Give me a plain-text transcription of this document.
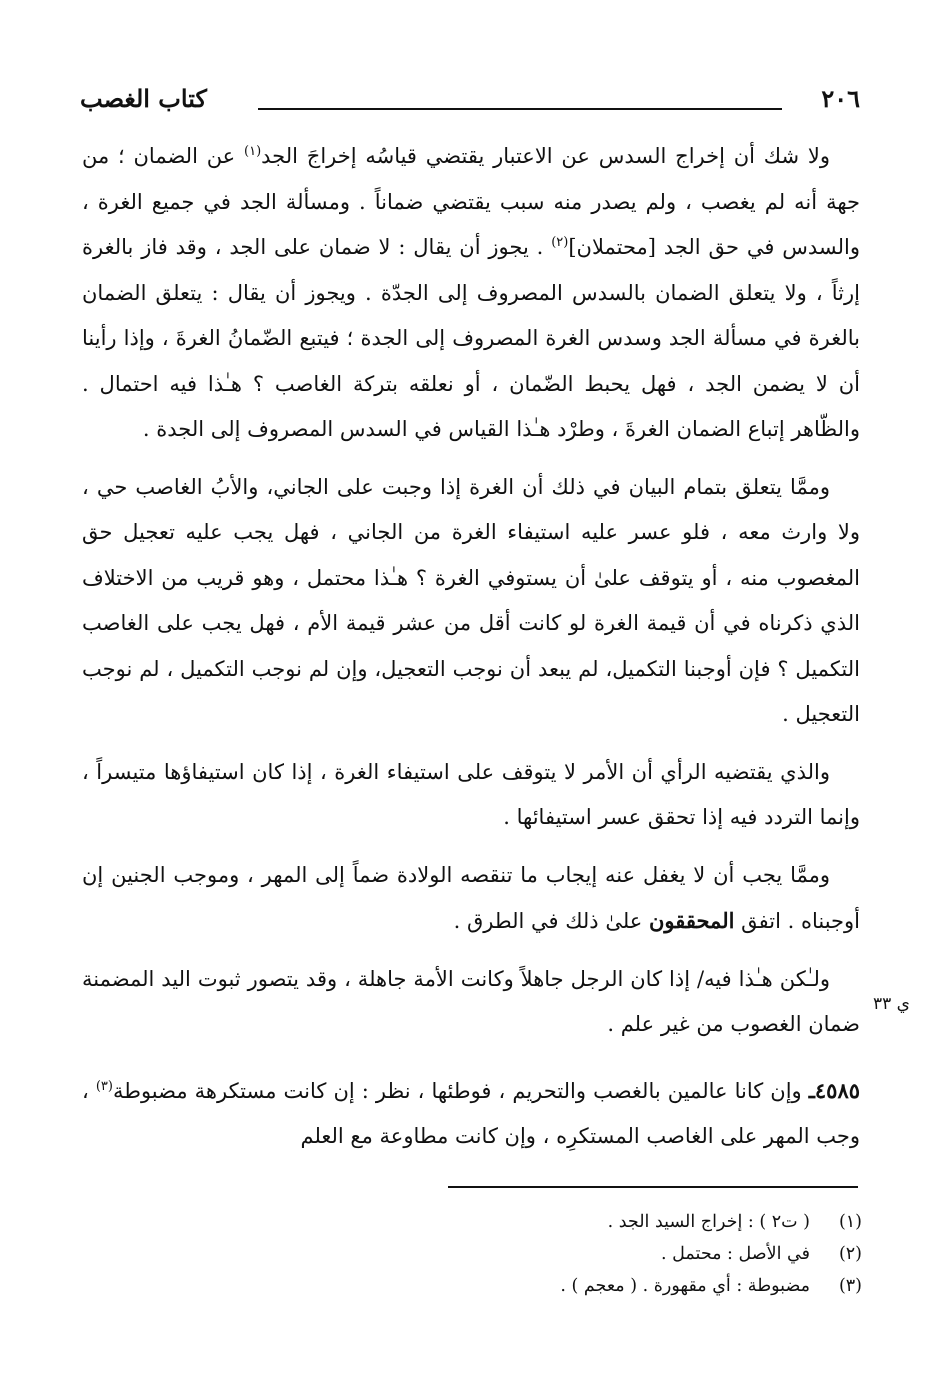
٢٠٦
كتاب الغصب

ولا شك أن إخراج السدس عن الاعتبار يقتضي قياسُه إخراجَ الجد$^{(١)}$ عن الضمان ؛ من جهة أنه لم يغصب ، ولم يصدر منه سبب يقتضي ضماناً . ومسألة الجد في جميع الغرة ، والسدس في حق الجد [محتملان]$^{(٢)}$ . يجوز أن يقال : لا ضمان على الجد ، وقد فاز بالغرة إرثاً ، ولا يتعلق الضمان بالسدس المصروف إلى الجدّة . ويجوز أن يقال : يتعلق الضمان بالغرة في مسألة الجد وسدس الغرة المصروف إلى الجدة ؛ فيتبع الضّمانُ الغرةَ ، وإذا رأينا أن لا يضمن الجد ، فهل يحبط الضّمان ، أو نعلقه بتركة الغاصب ؟ هـٰذا فيه احتمال . والظّاهر إتباع الضمان الغرةَ ، وطرْد هـٰذا القياس في السدس المصروف إلى الجدة .

وممَّا يتعلق بتمام البيان في ذلك أن الغرة إذا وجبت على الجاني، والأبُ الغاصب حي ، ولا وارث معه ، فلو عسر عليه استيفاء الغرة من الجاني ، فهل يجب عليه تعجيل حق المغصوب منه ، أو يتوقف علىٰ أن يستوفي الغرة ؟ هـٰذا محتمل ، وهو قريب من الاختلاف الذي ذكرناه في أن قيمة الغرة لو كانت أقل من عشر قيمة الأم ، فهل يجب على الغاصب التكميل ؟ فإن أوجبنا التكميل، لم يبعد أن نوجب التعجيل، وإن لم نوجب التكميل ، لم نوجب التعجيل .

والذي يقتضيه الرأي أن الأمر لا يتوقف على استيفاء الغرة ، إذا كان استيفاؤها متيسراً ، وإنما التردد فيه إذا تحقق عسر استيفائها .

وممَّا يجب أن لا يغفل عنه إيجاب ما تنقصه الولادة ضماً إلى المهر ، وموجب الجنين إن أوجبناه . اتفق المحققون علىٰ ذلك في الطرق .

ولـٰكن هـٰذا فيه/ إذا كان الرجل جاهلاً وكانت الأمة جاهلة ، وقد يتصور ثبوت اليد المضمنة ضمان الغصوب من غير علم .

٤٥٨٥ـ وإن كانا عالمين بالغصب والتحريم ، فوطئها ، نظر : إن كانت مستكرهة مضبوطة$^{(٣)}$ ، وجب المهر على الغاصب المستكرِه ، وإن كانت مطاوعة مع العلم

ي ٣٣
(١)
( ت٢ ) : إخراج السيد الجد .
(٢)
في الأصل : محتمل .
(٣)
مضبوطة : أي مقهورة . ( معجم ) .
